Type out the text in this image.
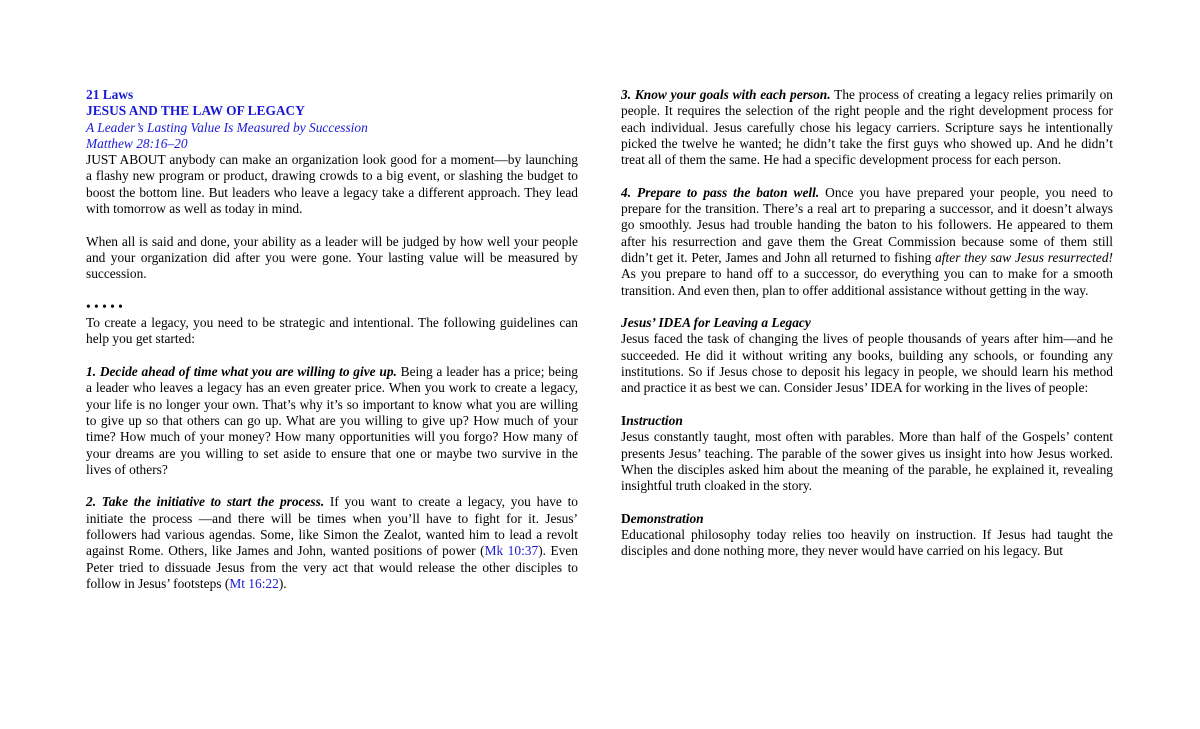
21 Laws

JESUS AND THE LAW OF LEGACY

A Leader’s Lasting Value Is Measured by Succession

Matthew 28:16–20

JUST ABOUT anybody can make an organization look good for a moment—by launching a flashy new program or product, drawing crowds to a big event, or slashing the budget to boost the bottom line. But leaders who leave a legacy take a different approach. They lead with tomorrow as well as today in mind.

When all is said and done, your ability as a leader will be judged by how well your people and your organization did after you were gone. Your lasting value will be measured by succession.

• • • • •

To create a legacy, you need to be strategic and intentional. The following guidelines can help you get started:

1. Decide ahead of time what you are willing to give up. Being a leader has a price; being a leader who leaves a legacy has an even greater price. When you work to create a legacy, your life is no longer your own. That’s why it’s so important to know what you are willing to give up so that others can go up. What are you willing to give up? How much of your time? How much of your money? How many opportunities will you forgo? How many of your dreams are you willing to set aside to ensure that one or maybe two survive in the lives of others?

2. Take the initiative to start the process. If you want to create a legacy, you have to initiate the process —and there will be times when you’ll have to fight for it. Jesus’ followers had various agendas. Some, like Simon the Zealot, wanted him to lead a revolt against Rome. Others, like James and John, wanted positions of power (Mk 10:37). Even Peter tried to dissuade Jesus from the very act that would release the other disciples to follow in Jesus’ footsteps (Mt 16:22).

3. Know your goals with each person. The process of creating a legacy relies primarily on people. It requires the selection of the right people and the right development process for each individual. Jesus carefully chose his legacy carriers. Scripture says he intentionally picked the twelve he wanted; he didn’t take the first guys who showed up. And he didn’t treat all of them the same. He had a specific development process for each person.

4. Prepare to pass the baton well. Once you have prepared your people, you need to prepare for the transition. There’s a real art to preparing a successor, and it doesn’t always go smoothly. Jesus had trouble handing the baton to his followers. He appeared to them after his resurrection and gave them the Great Commission because some of them still didn’t get it. Peter, James and John all returned to fishing after they saw Jesus resurrected! As you prepare to hand off to a successor, do everything you can to make for a smooth transition. And even then, plan to offer additional assistance without getting in the way.

Jesus’ IDEA for Leaving a Legacy

Jesus faced the task of changing the lives of people thousands of years after him—and he succeeded. He did it without writing any books, building any schools, or founding any institutions. So if Jesus chose to deposit his legacy in people, we should learn his method and practice it as best we can. Consider Jesus’ IDEA for working in the lives of people:

Instruction

Jesus constantly taught, most often with parables. More than half of the Gospels’ content presents Jesus’ teaching. The parable of the sower gives us insight into how Jesus worked. When the disciples asked him about the meaning of the parable, he explained it, revealing insightful truth cloaked in the story.

Demonstration

Educational philosophy today relies too heavily on instruction. If Jesus had taught the disciples and done nothing more, they never would have carried on his legacy. But
